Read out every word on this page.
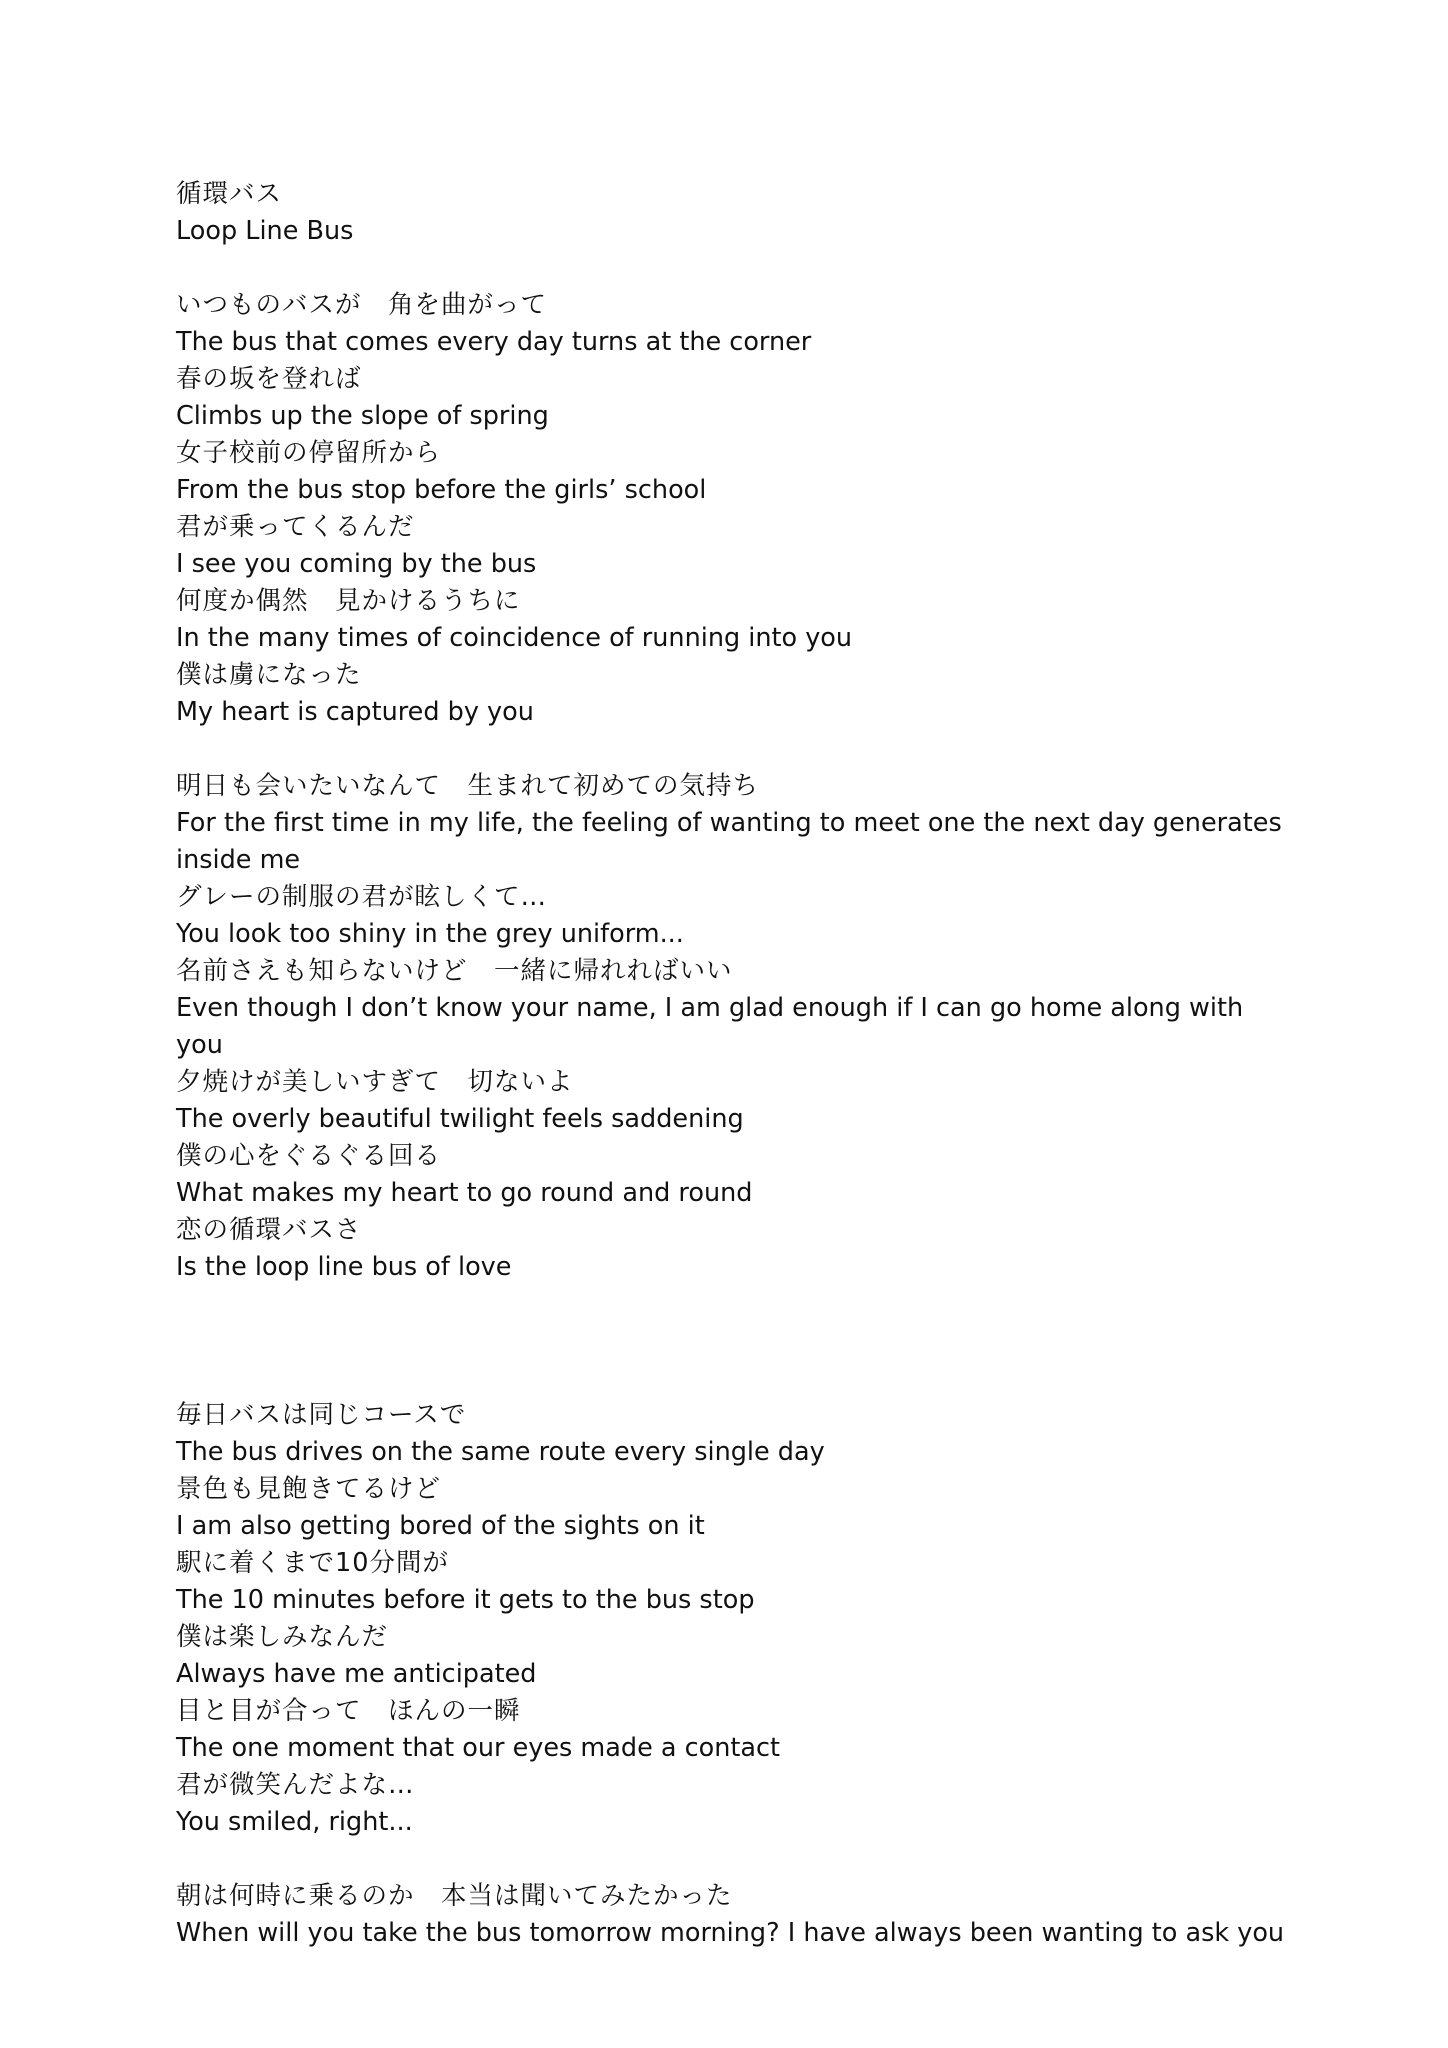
循環バス
Loop Line Bus
いつものバスが　角を曲がって
The bus that comes every day turns at the corner
春の坂を登れば
Climbs up the slope of spring
女子校前の停留所から
From the bus stop before the girls’ school
君が乗ってくるんだ
I see you coming by the bus
何度か偶然　見かけるうちに
In the many times of coincidence of running into you
僕は虜になった
My heart is captured by you
明日も会いたいなんて　生まれて初めての気持ち
For the first time in my life, the feeling of wanting to meet one the next day generates inside me
グレーの制服の君が眩しくて…
You look too shiny in the grey uniform...
名前さえも知らないけど　一緒に帰れればいい
Even though I don’t know your name, I am glad enough if I can go home along with you
夕焼けが美しいすぎて　切ないよ
The overly beautiful twilight feels saddening
僕の心をぐるぐる回る
What makes my heart to go round and round
恋の循環バスさ
Is the loop line bus of love
毎日バスは同じコースで
The bus drives on the same route every single day
景色も見飽きてるけど
I am also getting bored of the sights on it
駅に着くまで10分間が
The 10 minutes before it gets to the bus stop
僕は楽しみなんだ
Always have me anticipated
目と目が合って　ほんの一瞬
The one moment that our eyes made a contact
君が微笑んだよな…
You smiled, right...
朝は何時に乗るのか　本当は聞いてみたかった
When will you take the bus tomorrow morning? I have always been wanting to ask you
